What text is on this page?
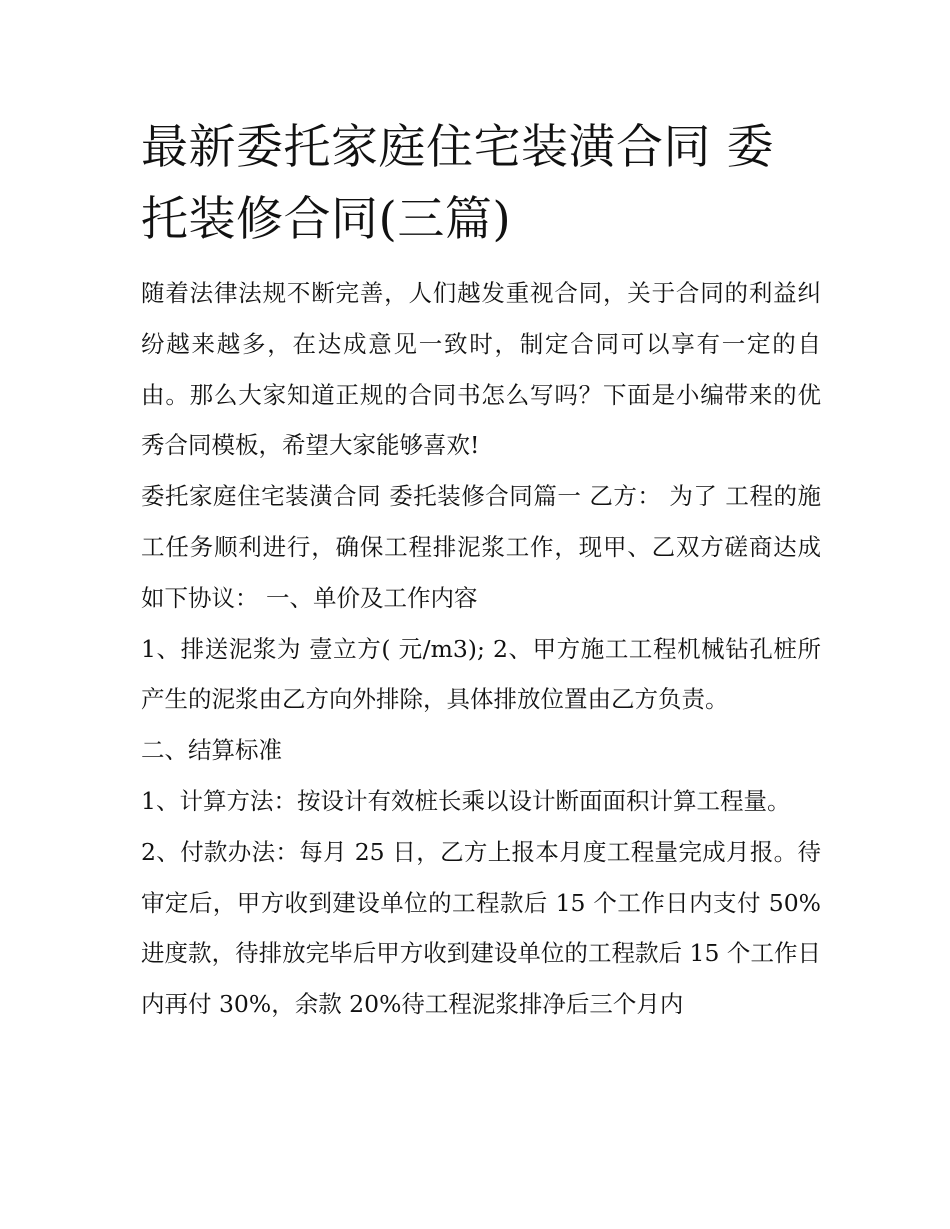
最新委托家庭住宅装潢合同 委托装修合同(三篇)

随着法律法规不断完善，人们越发重视合同，关于合同的利益纠纷越来越多，在达成意见一致时，制定合同可以享有一定的自由。那么大家知道正规的合同书怎么写吗？下面是小编带来的优秀合同模板，希望大家能够喜欢!

委托家庭住宅装潢合同 委托装修合同篇一 乙方： 为了 工程的施工任务顺利进行，确保工程排泥浆工作，现甲、乙双方磋商达成如下协议： 一、单价及工作内容

1、排送泥浆为 壹立方( 元/m3); 2、甲方施工工程机械钻孔桩所产生的泥浆由乙方向外排除，具体排放位置由乙方负责。

二、结算标准

1、计算方法：按设计有效桩长乘以设计断面面积计算工程量。

2、付款办法：每月 25 日，乙方上报本月度工程量完成月报。待审定后，甲方收到建设单位的工程款后 15 个工作日内支付 50%进度款，待排放完毕后甲方收到建设单位的工程款后 15 个工作日内再付 30%，余款 20%待工程泥浆排净后三个月内
